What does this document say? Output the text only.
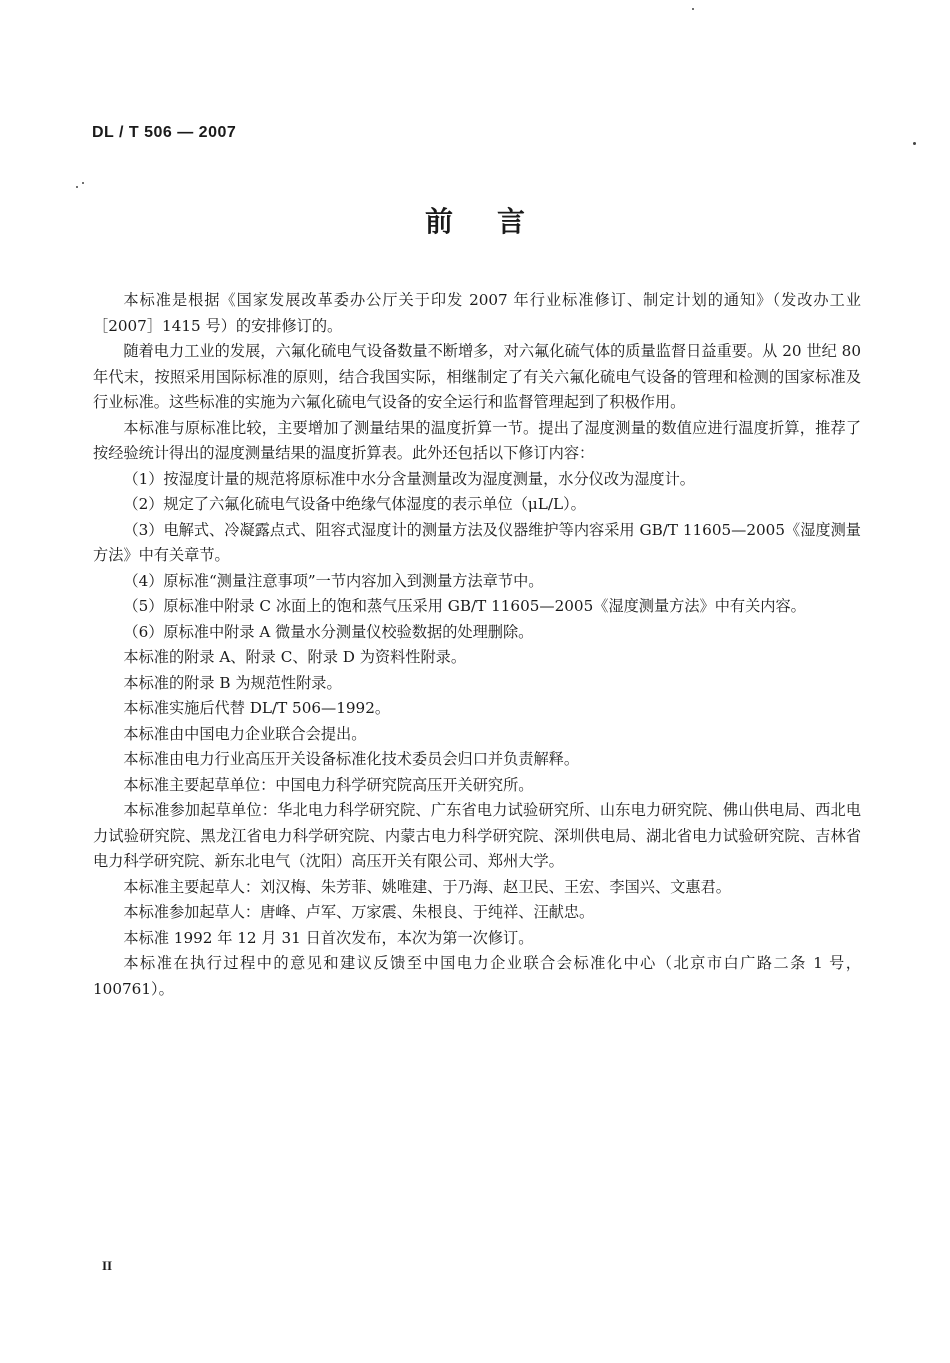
DL / T 506 — 2007
前言

本标准是根据《国家发展改革委办公厅关于印发 2007 年行业标准修订、制定计划的通知》（发改办工业［2007］1415 号）的安排修订的。

随着电力工业的发展，六氟化硫电气设备数量不断增多，对六氟化硫气体的质量监督日益重要。从 20 世纪 80 年代末，按照采用国际标准的原则，结合我国实际，相继制定了有关六氟化硫电气设备的管理和检测的国家标准及行业标准。这些标准的实施为六氟化硫电气设备的安全运行和监督管理起到了积极作用。

本标准与原标准比较，主要增加了测量结果的温度折算一节。提出了湿度测量的数值应进行温度折算，推荐了按经验统计得出的湿度测量结果的温度折算表。此外还包括以下修订内容：

（1）按湿度计量的规范将原标准中水分含量测量改为湿度测量，水分仪改为湿度计。

（2）规定了六氟化硫电气设备中绝缘气体湿度的表示单位（μL/L）。

（3）电解式、冷凝露点式、阻容式湿度计的测量方法及仪器维护等内容采用 GB/T 11605—2005《湿度测量方法》中有关章节。

（4）原标准“测量注意事项”一节内容加入到测量方法章节中。

（5）原标准中附录 C 冰面上的饱和蒸气压采用 GB/T 11605—2005《湿度测量方法》中有关内容。

（6）原标准中附录 A 微量水分测量仪校验数据的处理删除。

本标准的附录 A、附录 C、附录 D 为资料性附录。

本标准的附录 B 为规范性附录。

本标准实施后代替 DL/T 506—1992。

本标准由中国电力企业联合会提出。

本标准由电力行业高压开关设备标准化技术委员会归口并负责解释。

本标准主要起草单位：中国电力科学研究院高压开关研究所。

本标准参加起草单位：华北电力科学研究院、广东省电力试验研究所、山东电力研究院、佛山供电局、西北电力试验研究院、黑龙江省电力科学研究院、内蒙古电力科学研究院、深圳供电局、湖北省电力试验研究院、吉林省电力科学研究院、新东北电气（沈阳）高压开关有限公司、郑州大学。

本标准主要起草人：刘汉梅、朱芳菲、姚唯建、于乃海、赵卫民、王宏、李国兴、文惠君。

本标准参加起草人：唐峰、卢军、万家震、朱根良、于纯祥、汪献忠。

本标准 1992 年 12 月 31 日首次发布，本次为第一次修订。

本标准在执行过程中的意见和建议反馈至中国电力企业联合会标准化中心（北京市白广路二条 1 号，100761）。

II
